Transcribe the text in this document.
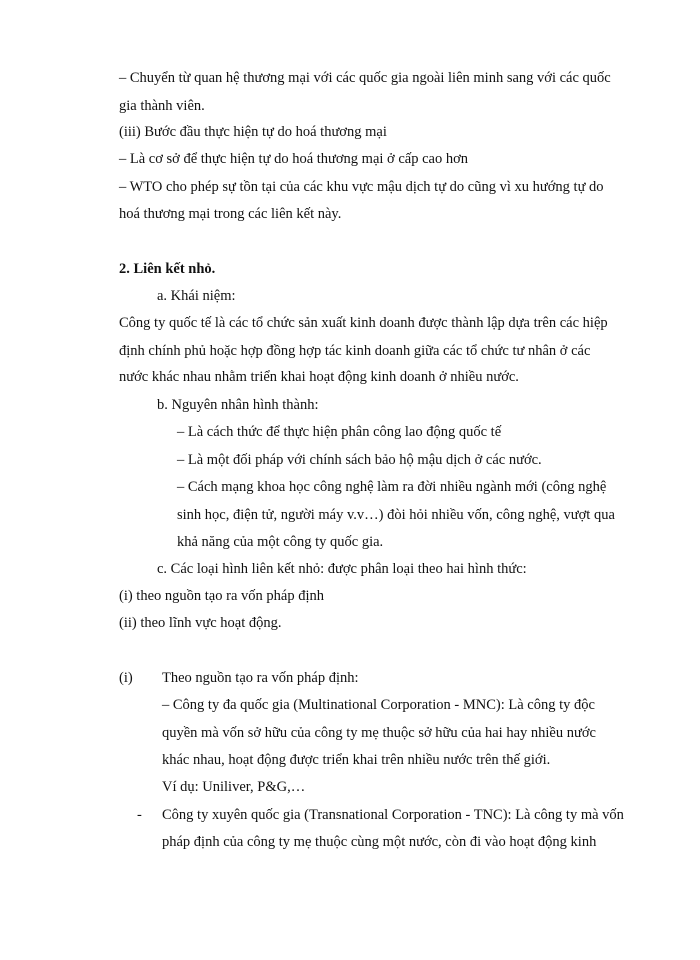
– Chuyển từ quan hệ thương mại với các quốc gia ngoài liên minh sang với các quốc
gia thành viên.
(iii) Bước đầu thực hiện tự do hoá thương mại
– Là cơ sở để thực hiện tự do hoá thương mại ở cấp cao hơn
– WTO cho phép sự tồn tại của các khu vực mậu dịch tự do cũng vì xu hướng tự do
hoá thương mại trong các liên kết này.
2. Liên kết nhỏ.
a. Khái niệm:
Công ty quốc tế là các tổ chức sản xuất kinh doanh được thành lập dựa trên các hiệp
định chính phủ hoặc hợp đồng hợp tác kinh doanh giữa các tổ chức tư nhân ở các
nước khác nhau nhằm triển khai hoạt động kinh doanh ở nhiều nước.
b. Nguyên nhân hình thành:
– Là cách thức để thực hiện phân công lao động quốc tế
– Là một đối pháp với chính sách bảo hộ mậu dịch ở các nước.
– Cách mạng khoa học công nghệ làm ra đời nhiều ngành mới (công nghệ
sinh học, điện tử, người máy v.v…) đòi hỏi nhiều vốn, công nghệ, vượt qua
khả năng của một công ty quốc gia.
c. Các loại hình liên kết nhỏ: được phân loại theo hai hình thức:
(i) theo nguồn tạo ra vốn pháp định
(ii) theo lĩnh vực hoạt động.
(i) Theo nguồn tạo ra vốn pháp định:
– Công ty đa quốc gia (Multinational Corporation - MNC): Là công ty độc
quyền mà vốn sở hữu của công ty mẹ thuộc sở hữu của hai hay nhiều nước
khác nhau, hoạt động được triển khai trên nhiều nước trên thế giới.
Ví dụ: Uniliver, P&G,…
- Công ty xuyên quốc gia (Transnational Corporation - TNC): Là công ty mà vốn
pháp định của công ty mẹ thuộc cùng một nước, còn đi vào hoạt động kinh
